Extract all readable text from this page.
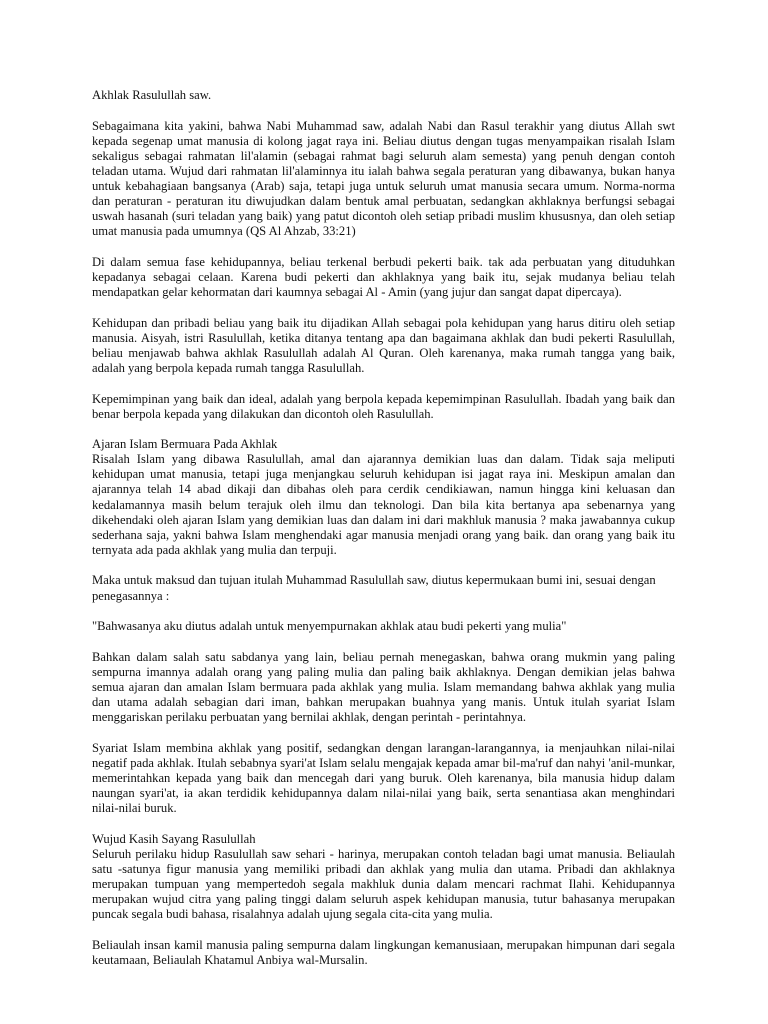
Akhlak Rasulullah saw.

Sebagaimana kita yakini, bahwa Nabi Muhammad saw, adalah Nabi dan Rasul terakhir yang diutus Allah swt kepada segenap umat manusia di kolong jagat raya ini. Beliau diutus dengan tugas menyampaikan risalah Islam sekaligus sebagai rahmatan lil'alamin (sebagai rahmat bagi seluruh alam semesta) yang penuh dengan contoh teladan utama. Wujud dari rahmatan lil'alaminnya itu ialah bahwa segala peraturan yang dibawanya, bukan hanya untuk kebahagiaan bangsanya (Arab) saja, tetapi juga untuk seluruh umat manusia secara umum. Norma-norma dan peraturan - peraturan itu diwujudkan dalam bentuk amal perbuatan, sedangkan akhlaknya berfungsi sebagai uswah hasanah (suri teladan yang baik) yang patut dicontoh oleh setiap pribadi muslim khususnya, dan oleh setiap umat manusia pada umumnya (QS Al Ahzab, 33:21)

Di dalam semua fase kehidupannya, beliau terkenal berbudi pekerti baik. tak ada perbuatan yang dituduhkan kepadanya sebagai celaan. Karena budi pekerti dan akhlaknya yang baik itu, sejak mudanya beliau telah mendapatkan gelar kehormatan dari kaumnya sebagai Al - Amin (yang jujur dan sangat dapat dipercaya).

Kehidupan dan pribadi beliau yang baik itu dijadikan Allah sebagai pola kehidupan yang harus ditiru oleh setiap manusia. Aisyah, istri Rasulullah, ketika ditanya tentang apa dan bagaimana akhlak dan budi pekerti Rasulullah, beliau menjawab bahwa akhlak Rasulullah adalah Al Quran. Oleh karenanya, maka rumah tangga yang baik, adalah yang berpola kepada rumah tangga Rasulullah.

Kepemimpinan yang baik dan ideal, adalah yang berpola kepada kepemimpinan Rasulullah. Ibadah yang baik dan benar berpola kepada yang dilakukan dan dicontoh oleh Rasulullah.

Ajaran Islam Bermuara Pada Akhlak

Risalah Islam yang dibawa Rasulullah, amal dan ajarannya demikian luas dan dalam. Tidak saja meliputi kehidupan umat manusia, tetapi juga menjangkau seluruh kehidupan isi jagat raya ini. Meskipun amalan dan ajarannya telah 14 abad dikaji dan dibahas oleh para cerdik cendikiawan, namun hingga kini keluasan dan kedalamannya masih belum terajuk oleh ilmu dan teknologi. Dan bila kita bertanya apa sebenarnya yang dikehendaki oleh ajaran Islam yang demikian luas dan dalam ini dari makhluk manusia ? maka jawabannya cukup sederhana saja, yakni bahwa Islam menghendaki agar manusia menjadi orang yang baik. dan orang yang baik itu ternyata ada pada akhlak yang mulia dan terpuji.

Maka untuk maksud dan tujuan itulah Muhammad Rasulullah saw, diutus kepermukaan bumi ini, sesuai dengan penegasannya :

"Bahwasanya aku diutus adalah untuk menyempurnakan akhlak atau budi pekerti yang mulia"

Bahkan dalam salah satu sabdanya yang lain, beliau pernah menegaskan, bahwa orang mukmin yang paling sempurna imannya adalah orang yang paling mulia dan paling baik akhlaknya. Dengan demikian jelas bahwa semua ajaran dan amalan Islam bermuara pada akhlak yang mulia. Islam memandang bahwa akhlak yang mulia dan utama adalah sebagian dari iman, bahkan merupakan buahnya yang manis. Untuk itulah syariat Islam menggariskan perilaku perbuatan yang bernilai akhlak, dengan perintah - perintahnya.

Syariat Islam membina akhlak yang positif, sedangkan dengan larangan-larangannya, ia menjauhkan nilai-nilai negatif pada akhlak. Itulah sebabnya syari'at Islam selalu mengajak kepada amar bil-ma'ruf dan nahyi 'anil-munkar, memerintahkan kepada yang baik dan mencegah dari yang buruk. Oleh karenanya, bila manusia hidup dalam naungan syari'at, ia akan terdidik kehidupannya dalam nilai-nilai yang baik, serta senantiasa akan menghindari nilai-nilai buruk.

Wujud Kasih Sayang Rasulullah

Seluruh perilaku hidup Rasulullah saw sehari - harinya, merupakan contoh teladan bagi umat manusia. Beliaulah satu -satunya figur manusia yang memiliki pribadi dan akhlak yang mulia dan utama. Pribadi dan akhlaknya merupakan tumpuan yang mempertedoh segala makhluk dunia dalam mencari rachmat Ilahi. Kehidupannya merupakan wujud citra yang paling tinggi dalam seluruh aspek kehidupan manusia, tutur bahasanya merupakan puncak segala budi bahasa, risalahnya adalah ujung segala cita-cita yang mulia.

Beliaulah insan kamil manusia paling sempurna dalam lingkungan kemanusiaan, merupakan himpunan dari segala keutamaan, Beliaulah Khatamul Anbiya wal-Mursalin.
